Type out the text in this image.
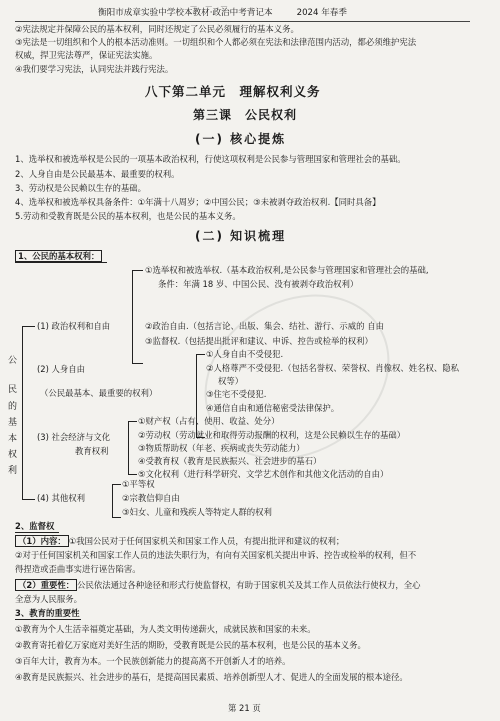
— — —
衡阳市成章实验中学校本教材·政治中考背记本	2024 年春季
②宪法规定并保障公民的基本权利，同时还规定了公民必须履行的基本义务。
③宪法是一切组织和个人的根本活动准则。一切组织和个人都必须在宪法和法律范围内活动，都必须维护宪法
权威，捍卫宪法尊严，保证宪法实施。
④我们要学习宪法，认同宪法并践行宪法。
八下第二单元　理解权利义务
第三课　公民权利
(一) 核心提炼
1、选举权和被选举权是公民的一项基本政治权利，行使这项权利是公民参与管理国家和管理社会的基础。
2、人身自由是公民最基本、最重要的权利。
3、劳动权是公民赖以生存的基础。
4、选举权和被选举权具备条件：①年满十八周岁；②中国公民；③未被剥夺政治权利.【同时具备】
5.劳动和受教育既是公民的基本权利，也是公民的基本义务。
(二) 知识梳理
1、公民的基本权利：
公
民
的
基
本
权
利
(1) 政治权利和自由
①选举权和被选举权.（基本政治权利,是公民参与管理国家和管理社会的基础,
条件：年满 18 岁、中国公民、没有被剥夺政治权利）
②政治自由.（包括言论、出版、集会、结社、游行、示威的 自由
③监督权.（包括提出批评和建议、申诉、控告或检举的权利）
(2) 人身自由
（公民最基本、最重要的权利）
①人身自由不受侵犯.
②人格尊严不受侵犯.（包括名誉权、荣誉权、肖像权、姓名权、隐私
权等）
③住宅不受侵犯.
④通信自由和通信秘密受法律保护。
(3) 社会经济与文化
教育权利
①财产权（占有、使用、收益、处分）
②劳动权（劳动就业和取得劳动报酬的权利，这是公民赖以生存的基础）
③物质帮助权（年老、疾病或丧失劳动能力）
④受教育权（教育是民族振兴、社会进步的基石）
⑤文化权利（进行科学研究、文学艺术创作和其他文化活动的自由）
(4) 其他权利
①平等权
②宗教信仰自由
③妇女、儿童和残疾人等特定人群的权利
2、监督权
（1）内容： ①我国公民对于任何国家机关和国家工作人员，有提出批评和建议的权利；
②对于任何国家机关和国家工作人员的违法失职行为，有向有关国家机关提出申诉、控告或检举的权利，但不
得捏造或歪曲事实进行诬告陷害。
（2）重要性： 公民依法通过各种途径和形式行使监督权，有助于国家机关及其工作人员依法行使权力，全心
全意为人民服务。
3、教育的重要性
①教育为个人生活幸福奠定基础，为人类文明传递薪火，成就民族和国家的未来。
②教育寄托着亿万家庭对美好生活的期盼，受教育既是公民的基本权利，也是公民的基本义务。
③百年大计，教育为本。一个民族创新能力的提高离不开创新人才的培养。
④教育是民族振兴、社会进步的基石，是提高国民素质、培养创新型人才、促进人的全面发展的根本途径。
第 21 页
